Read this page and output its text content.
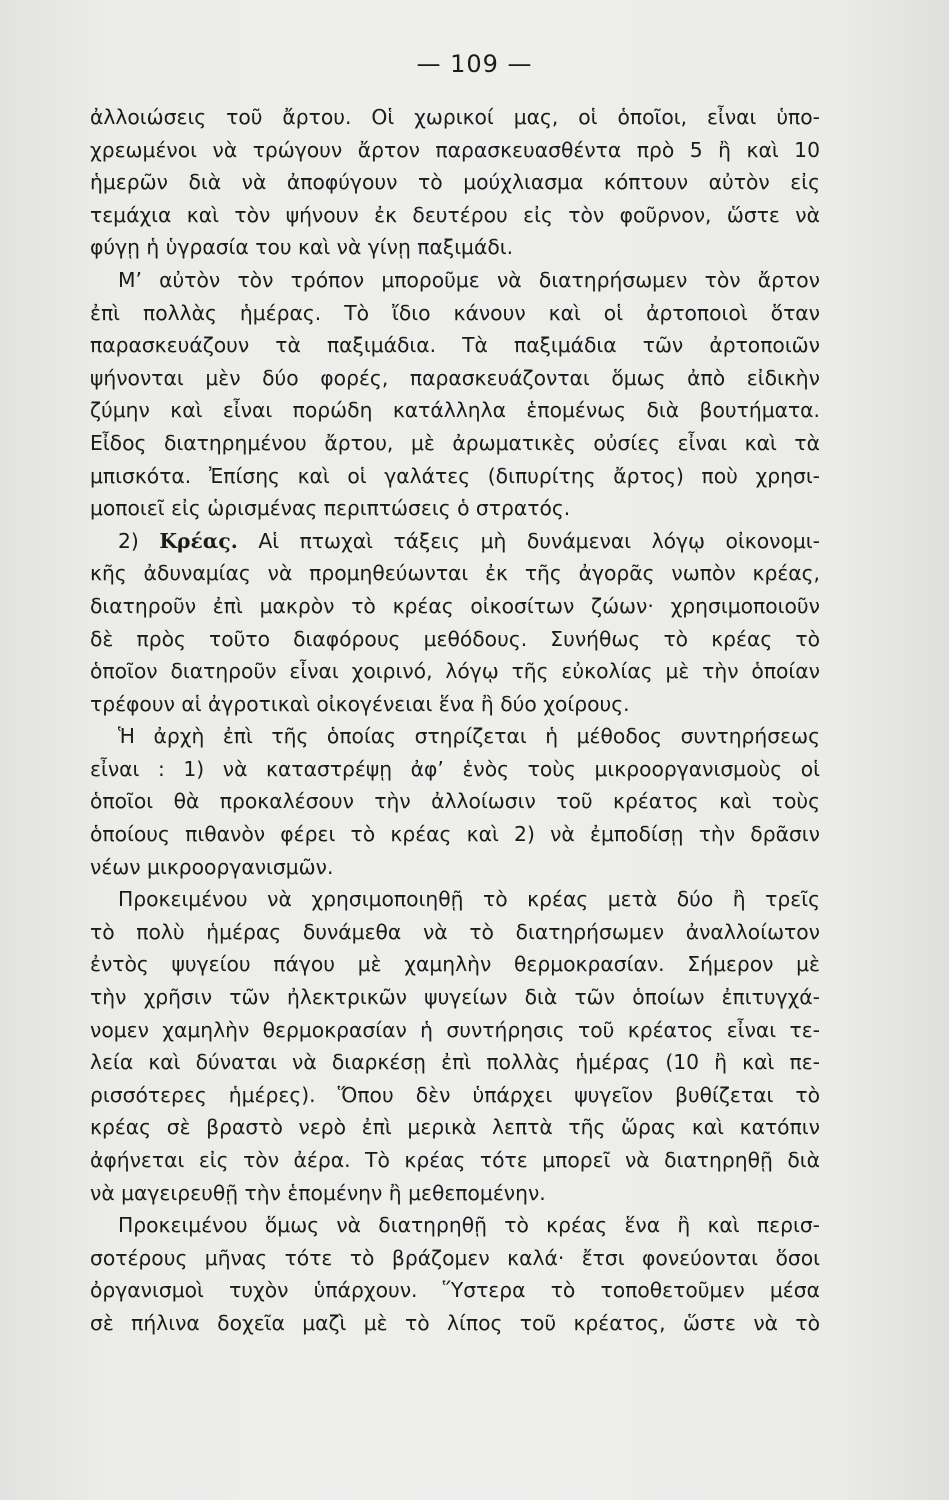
— 109 —
ἀλλοιώσεις τοῦ ἄρτου. Οἱ χωρικοί μας, οἱ ὁποῖοι, εἶναι ὑπο-
χρεωμένοι νὰ τρώγουν ἄρτον παρασκευασθέντα πρὸ 5 ἢ καὶ 10
ἡμερῶν διὰ νὰ ἀποφύγουν τὸ μούχλιασμα κόπτουν αὐτὸν εἰς
τεμάχια καὶ τὸν ψήνουν ἐκ δευτέρου εἰς τὸν φοῦρνον, ὥστε νὰ
φύγῃ ἡ ὑγρασία του καὶ νὰ γίνῃ παξιμάδι.
Μ’ αὐτὸν τὸν τρόπον μποροῦμε νὰ διατηρήσωμεν τὸν ἄρτον
ἐπὶ πολλὰς ἡμέρας. Τὸ ἴδιο κάνουν καὶ οἱ ἀρτοποιοὶ ὅταν
παρασκευάζουν τὰ παξιμάδια. Τὰ παξιμάδια τῶν ἀρτοποιῶν
ψήνονται μὲν δύο φορές, παρασκευάζονται ὅμως ἀπὸ εἰδικὴν
ζύμην καὶ εἶναι πορώδη κατάλληλα ἑπομένως διὰ βουτήματα.
Εἶδος διατηρημένου ἄρτου, μὲ ἀρωματικὲς οὐσίες εἶναι καὶ τὰ
μπισκότα. Ἐπίσης καὶ οἱ γαλάτες (διπυρίτης ἄρτος) ποὺ χρησι-
μοποιεῖ εἰς ὡρισμένας περιπτώσεις ὁ στρατός.
2) Κρέας. Αἱ πτωχαὶ τάξεις μὴ δυνάμεναι λόγῳ οἰκονομι-
κῆς ἀδυναμίας νὰ προμηθεύωνται ἐκ τῆς ἀγορᾶς νωπὸν κρέας,
διατηροῦν ἐπὶ μακρὸν τὸ κρέας οἰκοσίτων ζώων· χρησιμοποιοῦν
δὲ πρὸς τοῦτο διαφόρους μεθόδους. Συνήθως τὸ κρέας τὸ
ὁποῖον διατηροῦν εἶναι χοιρινό, λόγῳ τῆς εὐκολίας μὲ τὴν ὁποίαν
τρέφουν αἱ ἀγροτικαὶ οἰκογένειαι ἕνα ἢ δύο χοίρους.
Ἡ ἀρχὴ ἐπὶ τῆς ὁποίας στηρίζεται ἡ μέθοδος συντηρήσεως
εἶναι : 1) νὰ καταστρέψῃ ἀφ’ ἑνὸς τοὺς μικροοργανισμοὺς οἱ
ὁποῖοι θὰ προκαλέσουν τὴν ἀλλοίωσιν τοῦ κρέατος καὶ τοὺς
ὁποίους πιθανὸν φέρει τὸ κρέας καὶ 2) νὰ ἐμποδίσῃ τὴν δρᾶσιν
νέων μικροοργανισμῶν.
Προκειμένου νὰ χρησιμοποιηθῇ τὸ κρέας μετὰ δύο ἢ τρεῖς
τὸ πολὺ ἡμέρας δυνάμεθα νὰ τὸ διατηρήσωμεν ἀναλλοίωτον
ἐντὸς ψυγείου πάγου μὲ χαμηλὴν θερμοκρασίαν. Σήμερον μὲ
τὴν χρῆσιν τῶν ἠλεκτρικῶν ψυγείων διὰ τῶν ὁποίων ἐπιτυγχά-
νομεν χαμηλὴν θερμοκρασίαν ἡ συντήρησις τοῦ κρέατος εἶναι τε-
λεία καὶ δύναται νὰ διαρκέσῃ ἐπὶ πολλὰς ἡμέρας (10 ἢ καὶ πε-
ρισσότερες ἡμέρες). Ὅπου δὲν ὑπάρχει ψυγεῖον βυθίζεται τὸ
κρέας σὲ βραστὸ νερὸ ἐπὶ μερικὰ λεπτὰ τῆς ὥρας καὶ κατόπιν
ἀφήνεται εἰς τὸν ἀέρα. Τὸ κρέας τότε μπορεῖ νὰ διατηρηθῇ διὰ
νὰ μαγειρευθῇ τὴν ἑπομένην ἢ μεθεπομένην.
Προκειμένου ὅμως νὰ διατηρηθῇ τὸ κρέας ἕνα ἢ καὶ περισ-
σοτέρους μῆνας τότε τὸ βράζομεν καλά· ἔτσι φονεύονται ὅσοι
ὀργανισμοὶ τυχὸν ὑπάρχουν. Ὕστερα τὸ τοποθετοῦμεν μέσα
σὲ πήλινα δοχεῖα μαζὶ μὲ τὸ λίπος τοῦ κρέατος, ὥστε νὰ τὸ
